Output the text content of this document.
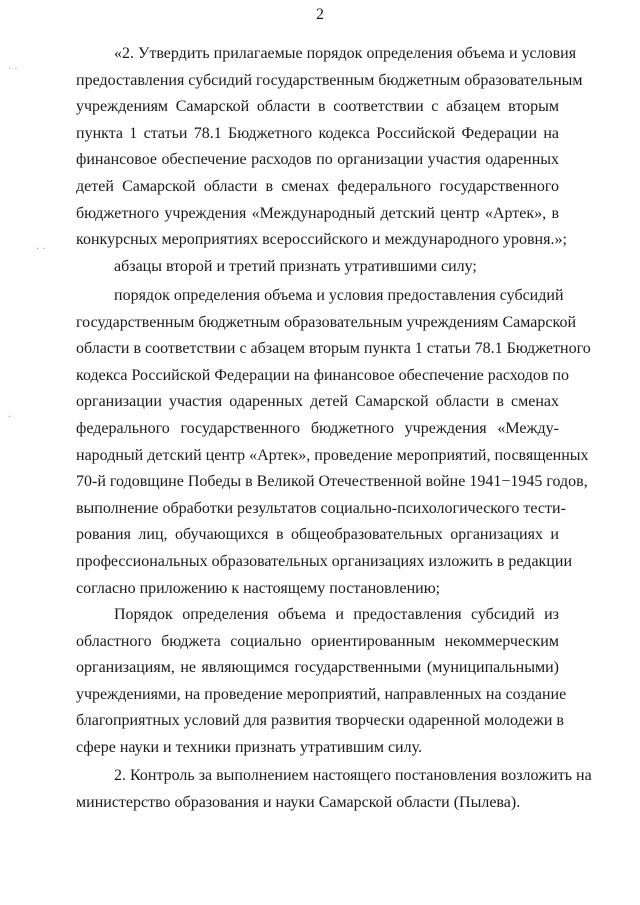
2
· ·
· ·
·
«2. Утвердить прилагаемые порядок определения объема и условия
предоставления субсидий государственным бюджетным образовательным
учреждениям Самарской области в соответствии с абзацем вторым
пункта 1 статьи 78.1 Бюджетного кодекса Российской Федерации на
финансовое обеспечение расходов по организации участия одаренных
детей Самарской области в сменах федерального государственного
бюджетного учреждения «Международный детский центр «Артек», в
конкурсных мероприятиях всероссийского и международного уровня.»;
абзацы второй и третий признать утратившими силу;
порядок определения объема и условия предоставления субсидий
государственным бюджетным образовательным учреждениям Самарской
области в соответствии с абзацем вторым пункта 1 статьи 78.1 Бюджетного
кодекса Российской Федерации на финансовое обеспечение расходов по
организации участия одаренных детей Самарской области в сменах
федерального государственного бюджетного учреждения «Между-
народный детский центр «Артек», проведение мероприятий, посвященных
70-й годовщине Победы в Великой Отечественной войне 1941−1945 годов,
выполнение обработки результатов социально-психологического тести-
рования лиц, обучающихся в общеобразовательных организациях и
профессиональных образовательных организациях изложить в редакции
согласно приложению к настоящему постановлению;
Порядок определения объема и предоставления субсидий из
областного бюджета социально ориентированным некоммерческим
организациям, не являющимся государственными (муниципальными)
учреждениями, на проведение мероприятий, направленных на создание
благоприятных условий для развития творчески одаренной молодежи в
сфере науки и техники признать утратившим силу.
2. Контроль за выполнением настоящего постановления возложить на
министерство образования и науки Самарской области (Пылева).
